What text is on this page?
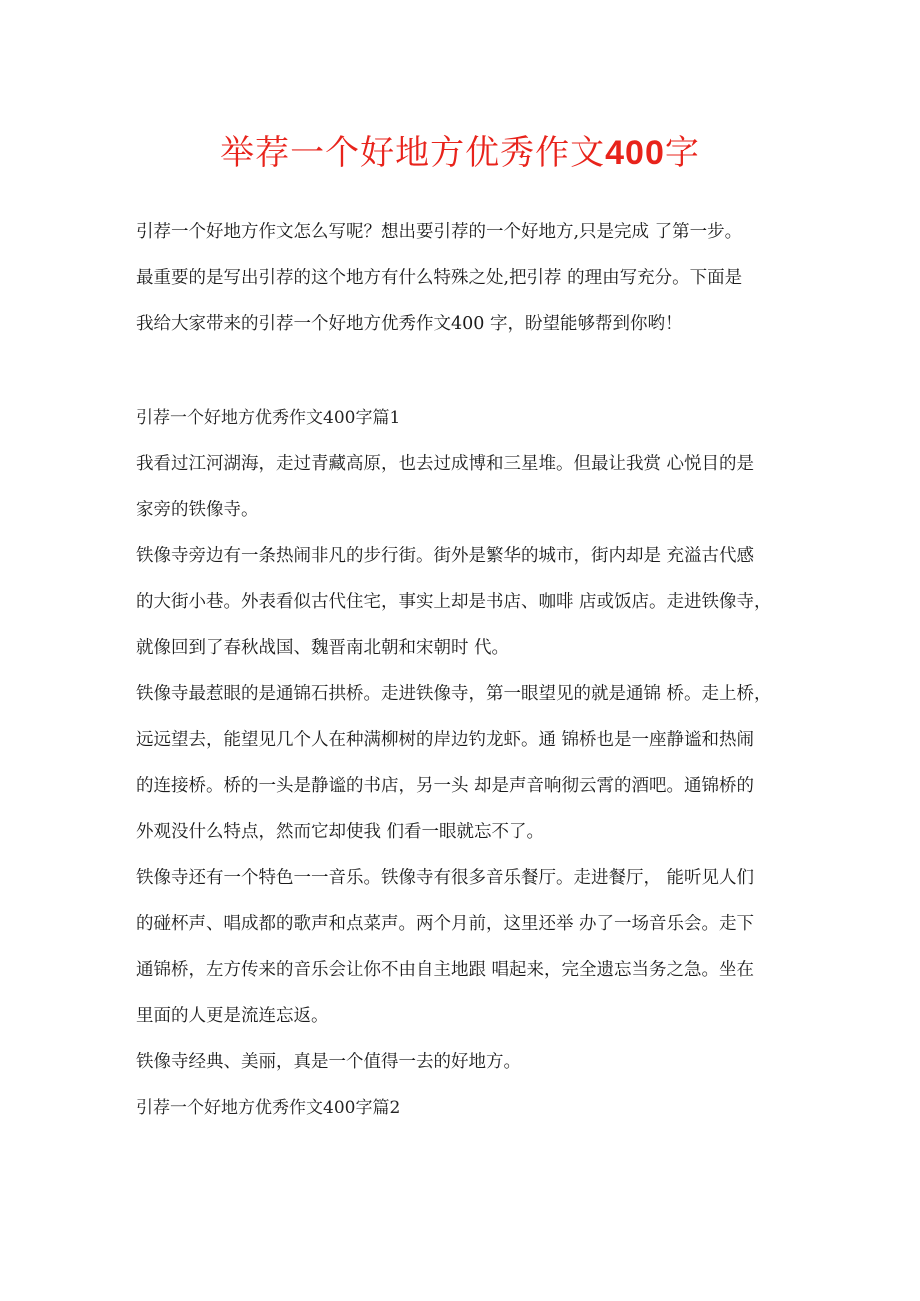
举荐一个好地方优秀作文400字

引荐一个好地方作文怎么写呢？想出要引荐的一个好地方,只是完成 了第一步。
最重要的是写出引荐的这个地方有什么特殊之处,把引荐 的理由写充分。下面是
我给大家带来的引荐一个好地方优秀作文400 字，盼望能够帮到你哟！

引荐一个好地方优秀作文400字篇1

我看过江河湖海，走过青藏高原，也去过成博和三星堆。但最让我赏 心悦目的是
家旁的铁像寺。

铁像寺旁边有一条热闹非凡的步行街。街外是繁华的城市，街内却是 充溢古代感
的大街小巷。外表看似古代住宅，事实上却是书店、咖啡 店或饭店。走进铁像寺，
就像回到了春秋战国、魏晋南北朝和宋朝时 代。

铁像寺最惹眼的是通锦石拱桥。走进铁像寺，第一眼望见的就是通锦 桥。走上桥，
远远望去，能望见几个人在种满柳树的岸边钓龙虾。通 锦桥也是一座静谧和热闹
的连接桥。桥的一头是静谧的书店，另一头 却是声音响彻云霄的酒吧。通锦桥的
外观没什么特点，然而它却使我 们看一眼就忘不了。

铁像寺还有一个特色一一音乐。铁像寺有很多音乐餐厅。走进餐厅， 能听见人们
的碰杯声、唱成都的歌声和点菜声。两个月前，这里还举 办了一场音乐会。走下
通锦桥，左方传来的音乐会让你不由自主地跟 唱起来，完全遗忘当务之急。坐在
里面的人更是流连忘返。

铁像寺经典、美丽，真是一个值得一去的好地方。

引荐一个好地方优秀作文400字篇2
